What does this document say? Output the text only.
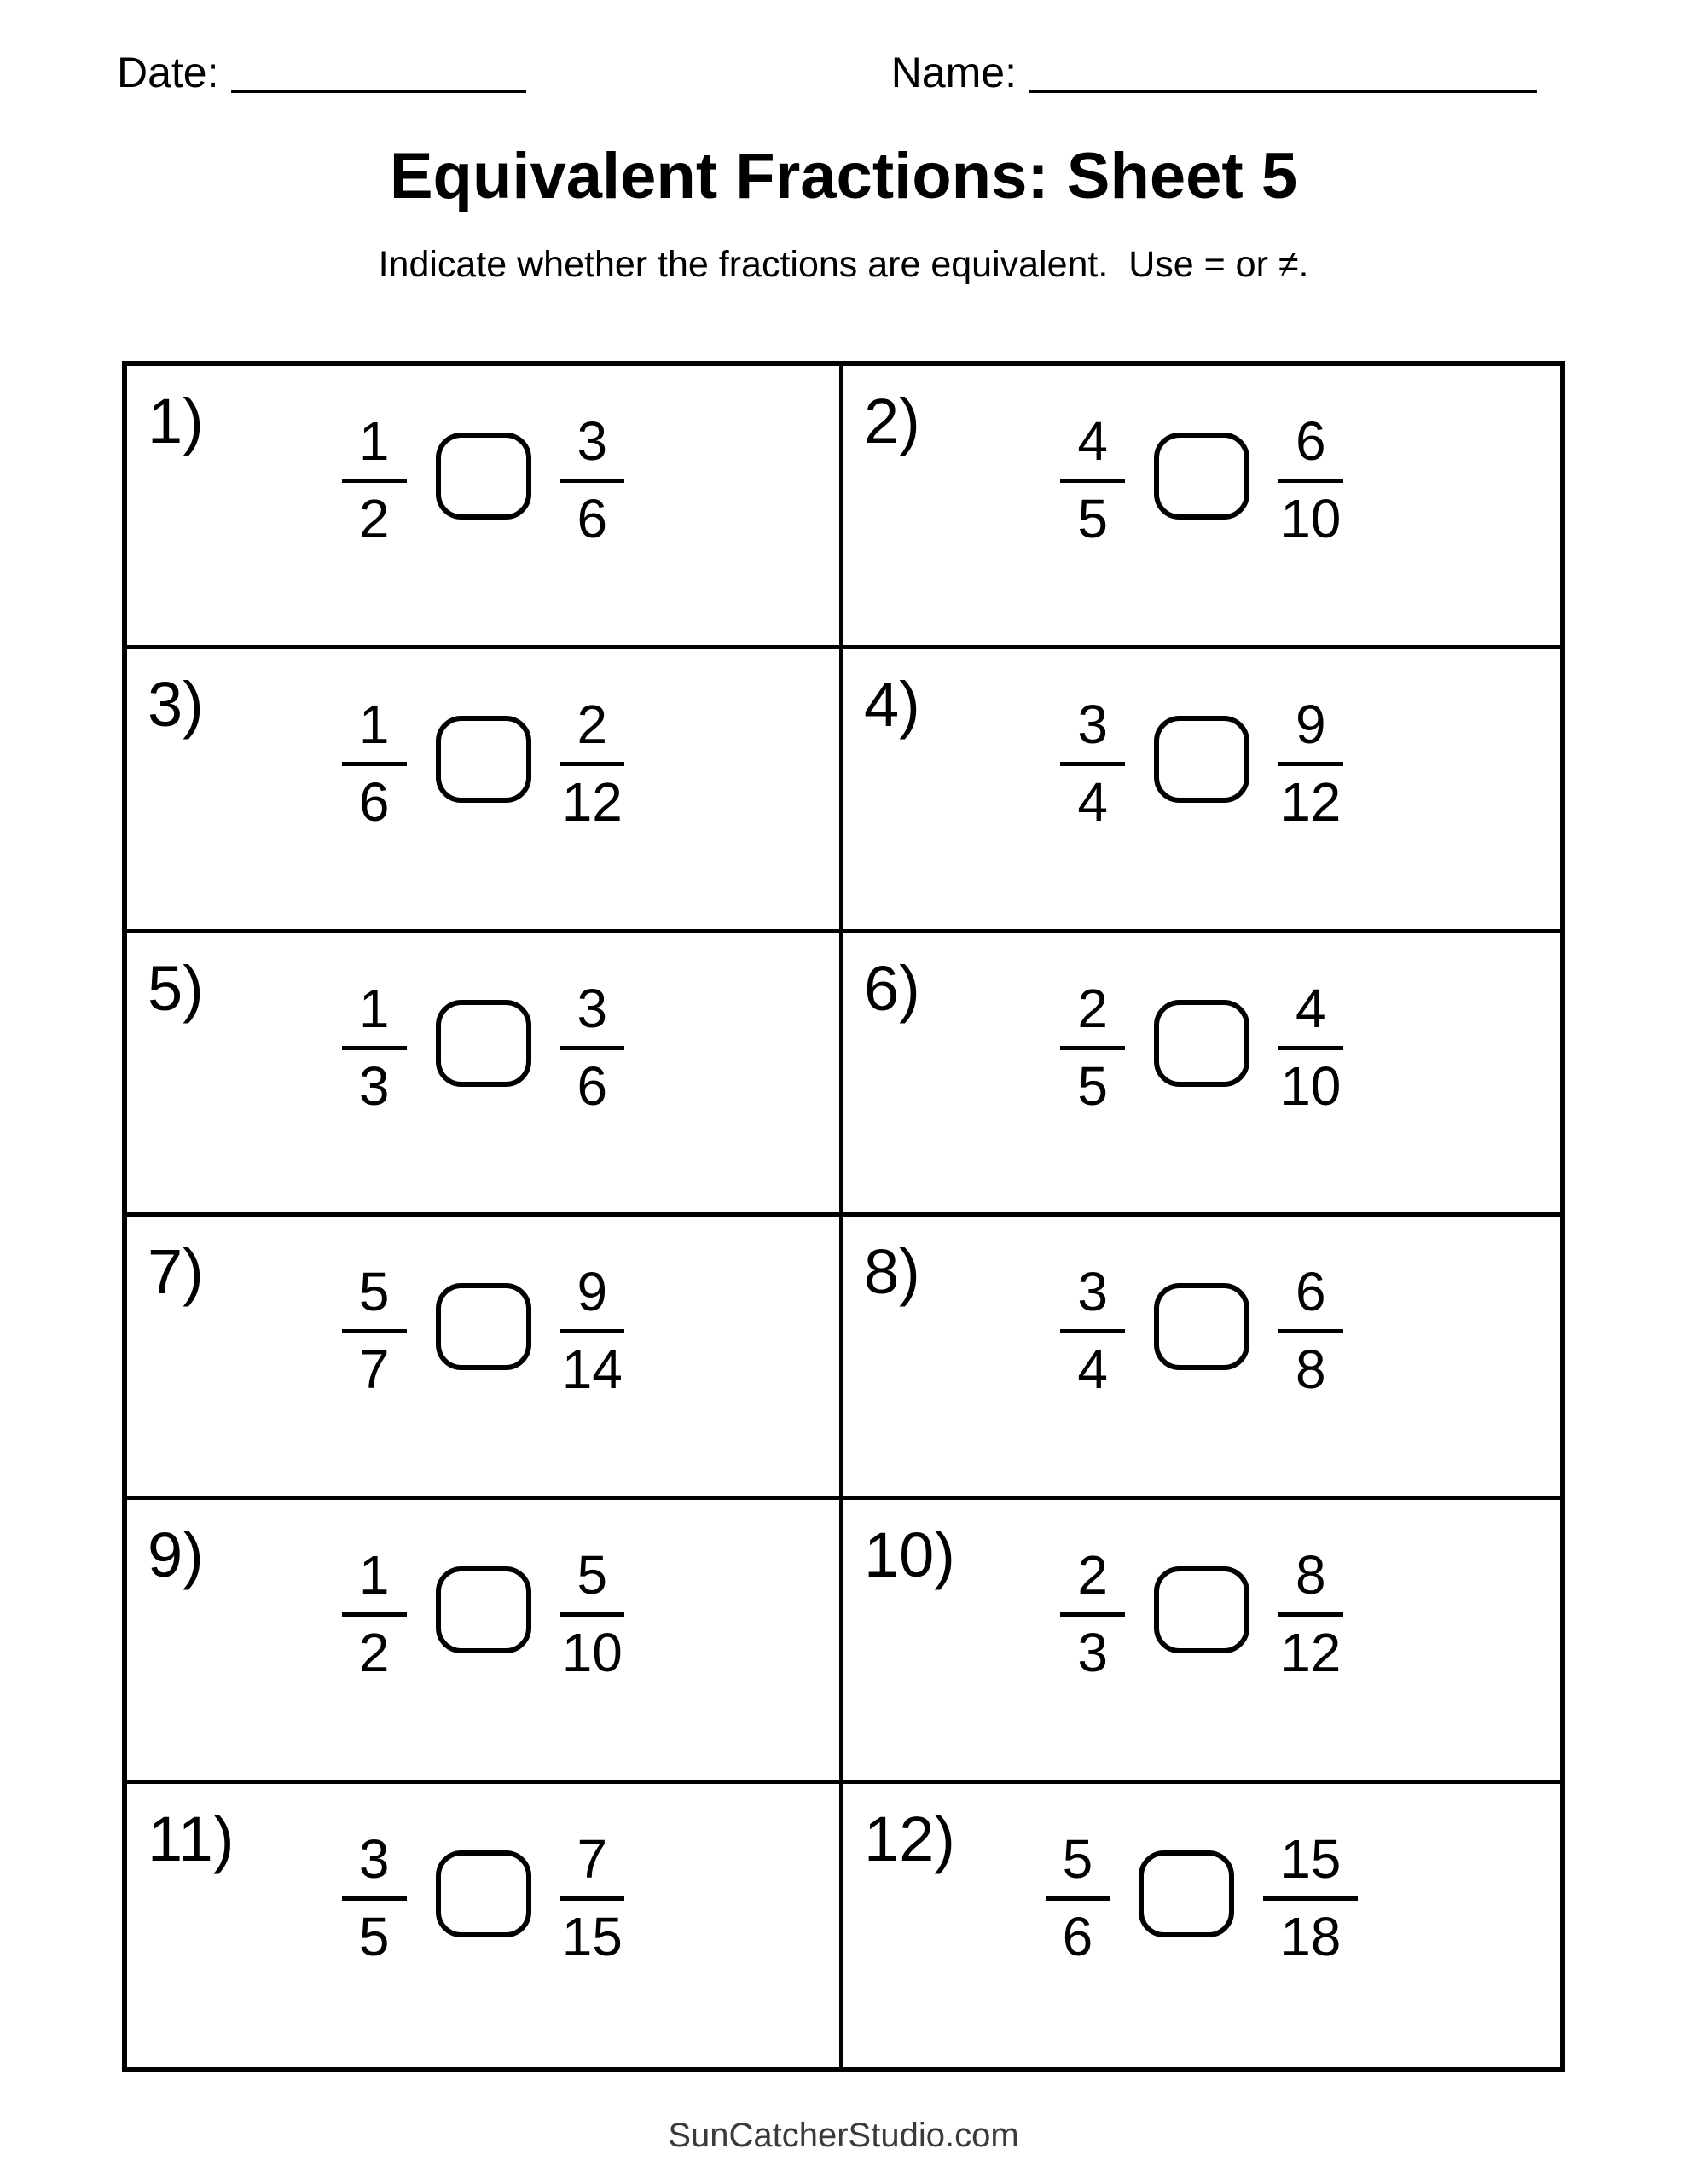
Date:	Name:
Equivalent Fractions: Sheet 5
Indicate whether the fractions are equivalent.  Use = or ≠.
1)	$\frac{1}{2}$	$\frac{3}{6}$	2)	$\frac{4}{5}$	$\frac{6}{10}$
3)	$\frac{1}{6}$	$\frac{2}{12}$	4)	$\frac{3}{4}$	$\frac{9}{12}$
5)	$\frac{1}{3}$	$\frac{3}{6}$	6)	$\frac{2}{5}$	$\frac{4}{10}$
7)	$\frac{5}{7}$	$\frac{9}{14}$	8)	$\frac{3}{4}$	$\frac{6}{8}$
9)	$\frac{1}{2}$	$\frac{5}{10}$	$10) \frac{2}{3}$	$\frac{8}{12}$
$11) \frac{3}{5}$	$\frac{7}{15}$	$12) \frac{5}{6}$	$\frac{15}{18}$
SunCatcherStudio.com
